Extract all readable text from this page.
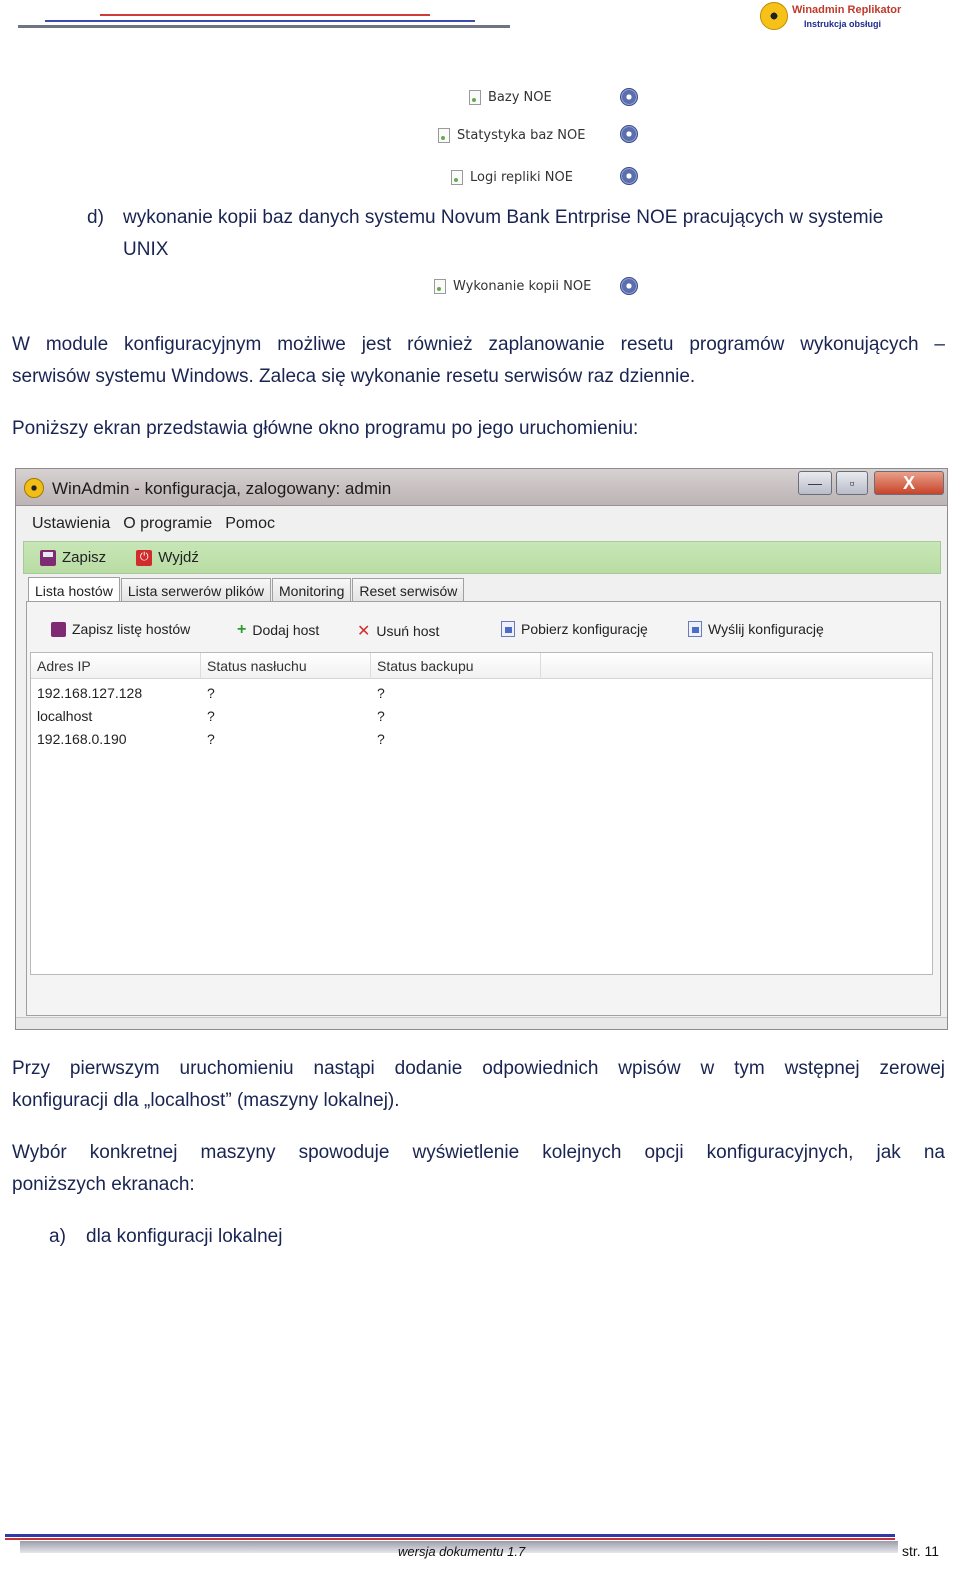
Winadmin Replikator
Instrukcja obsługi
Bazy NOE
Statystyka baz NOE
Logi repliki NOE
d) wykonanie kopii baz danych systemu Novum Bank Entrprise NOE pracujących w systemie
UNIX
Wykonanie kopii NOE
W module konfiguracyjnym możliwe jest również zaplanowanie resetu programów wykonujących –
serwisów systemu Windows. Zaleca się wykonanie resetu serwisów raz dziennie.
Poniższy ekran przedstawia główne okno programu po jego uruchomieniu:
WinAdmin - konfiguracja, zalogowany: admin	—	▫	X
Ustawienia O programie Pomoc
Zapisz	⏻ Wyjdź
Lista hostów	Lista serwerów plików	Monitoring	Reset serwisów
Zapisz listę hostów	+ Dodaj host ✕ Usuń host	Pobierz konfigurację	Wyślij konfigurację
Adres IP	Status nasłuchu	Status backupu
192.168.127.128	?	?
localhost	?	?
192.168.0.190	?	?
Przy pierwszym uruchomieniu nastąpi dodanie odpowiednich wpisów w tym wstępnej zerowej
konfiguracji dla „localhost” (maszyny lokalnej).
Wybór konkretnej maszyny spowoduje wyświetlenie kolejnych opcji konfiguracyjnych, jak na
poniższych ekranach:
a) dla konfiguracji lokalnej
wersja dokumentu 1.7	str. 11
